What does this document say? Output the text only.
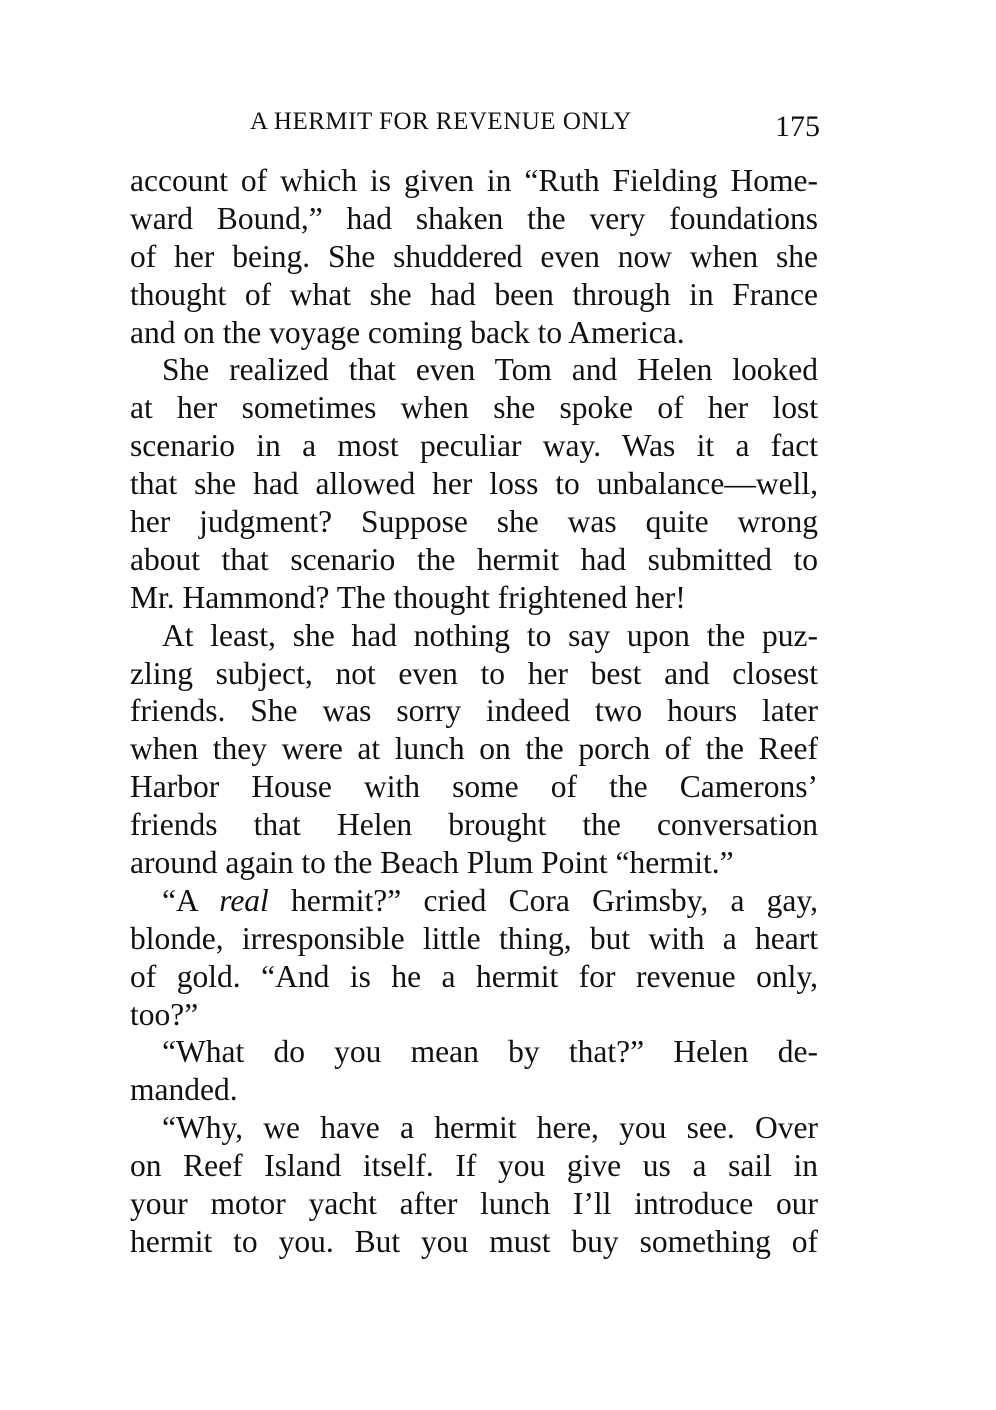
A HERMIT FOR REVENUE ONLY	175
account of which is given in “Ruth Fielding Home-
ward Bound,” had shaken the very foundations
of her being. She shuddered even now when she
thought of what she had been through in France
and on the voyage coming back to America.
She realized that even Tom and Helen looked
at her sometimes when she spoke of her lost
scenario in a most peculiar way. Was it a fact
that she had allowed her loss to unbalance—well,
her judgment? Suppose she was quite wrong
about that scenario the hermit had submitted to
Mr. Hammond? The thought frightened her!
At least, she had nothing to say upon the puz-
zling subject, not even to her best and closest
friends. She was sorry indeed two hours later
when they were at lunch on the porch of the Reef
Harbor House with some of the Camerons’
friends that Helen brought the conversation
around again to the Beach Plum Point “hermit.”
“A real hermit?” cried Cora Grimsby, a gay,
blonde, irresponsible little thing, but with a heart
of gold. “And is he a hermit for revenue only,
too?”
“What do you mean by that?” Helen de-
manded.
“Why, we have a hermit here, you see. Over
on Reef Island itself. If you give us a sail in
your motor yacht after lunch I’ll introduce our
hermit to you. But you must buy something of
